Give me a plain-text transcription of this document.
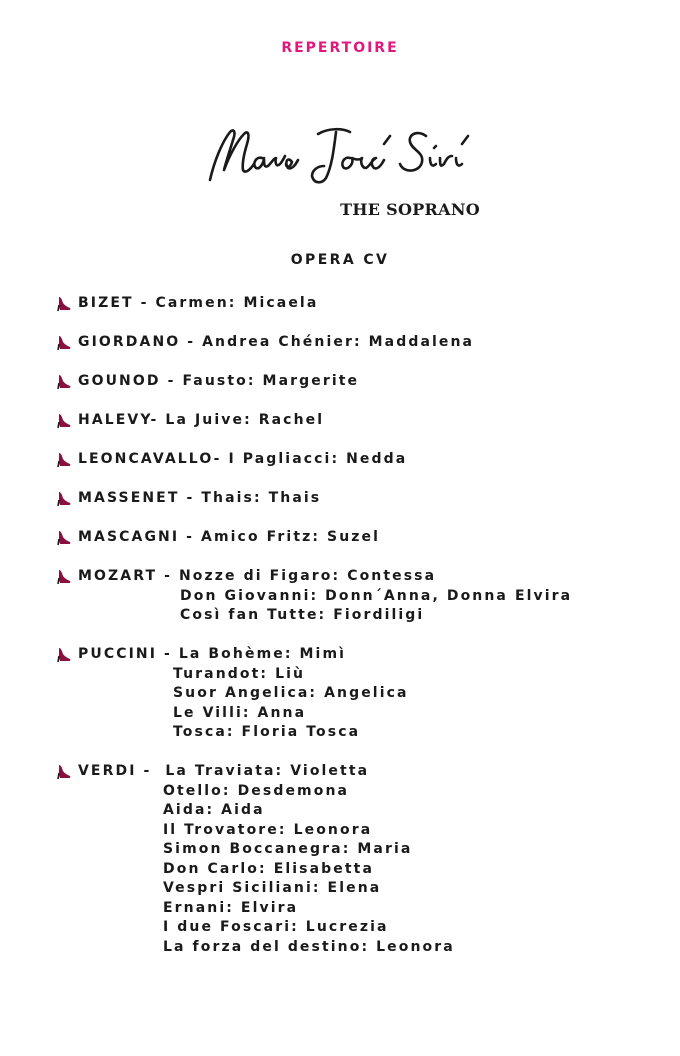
REPERTOIRE
THE SOPRANO
OPERA CV
BIZET - Carmen: Micaela
GIORDANO - Andrea Chénier: Maddalena
GOUNOD - Fausto: Margerite
HALEVY- La Juive: Rachel
LEONCAVALLO- I Pagliacci: Nedda
MASSENET - Thais: Thais
MASCAGNI - Amico Fritz: Suzel
MOZART - Nozze di Figaro: Contessa
Don Giovanni: Donn´Anna, Donna Elvira
Così fan Tutte: Fiordiligi
PUCCINI - La Bohème: Mimì
Turandot: Liù
Suor Angelica: Angelica
Le Villi: Anna
Tosca: Floria Tosca
VERDI -  La Traviata: Violetta
Otello: Desdemona
Aida: Aida
Il Trovatore: Leonora
Simon Boccanegra: Maria
Don Carlo: Elisabetta
Vespri Siciliani: Elena
Ernani: Elvira
I due Foscari: Lucrezia
La forza del destino: Leonora
